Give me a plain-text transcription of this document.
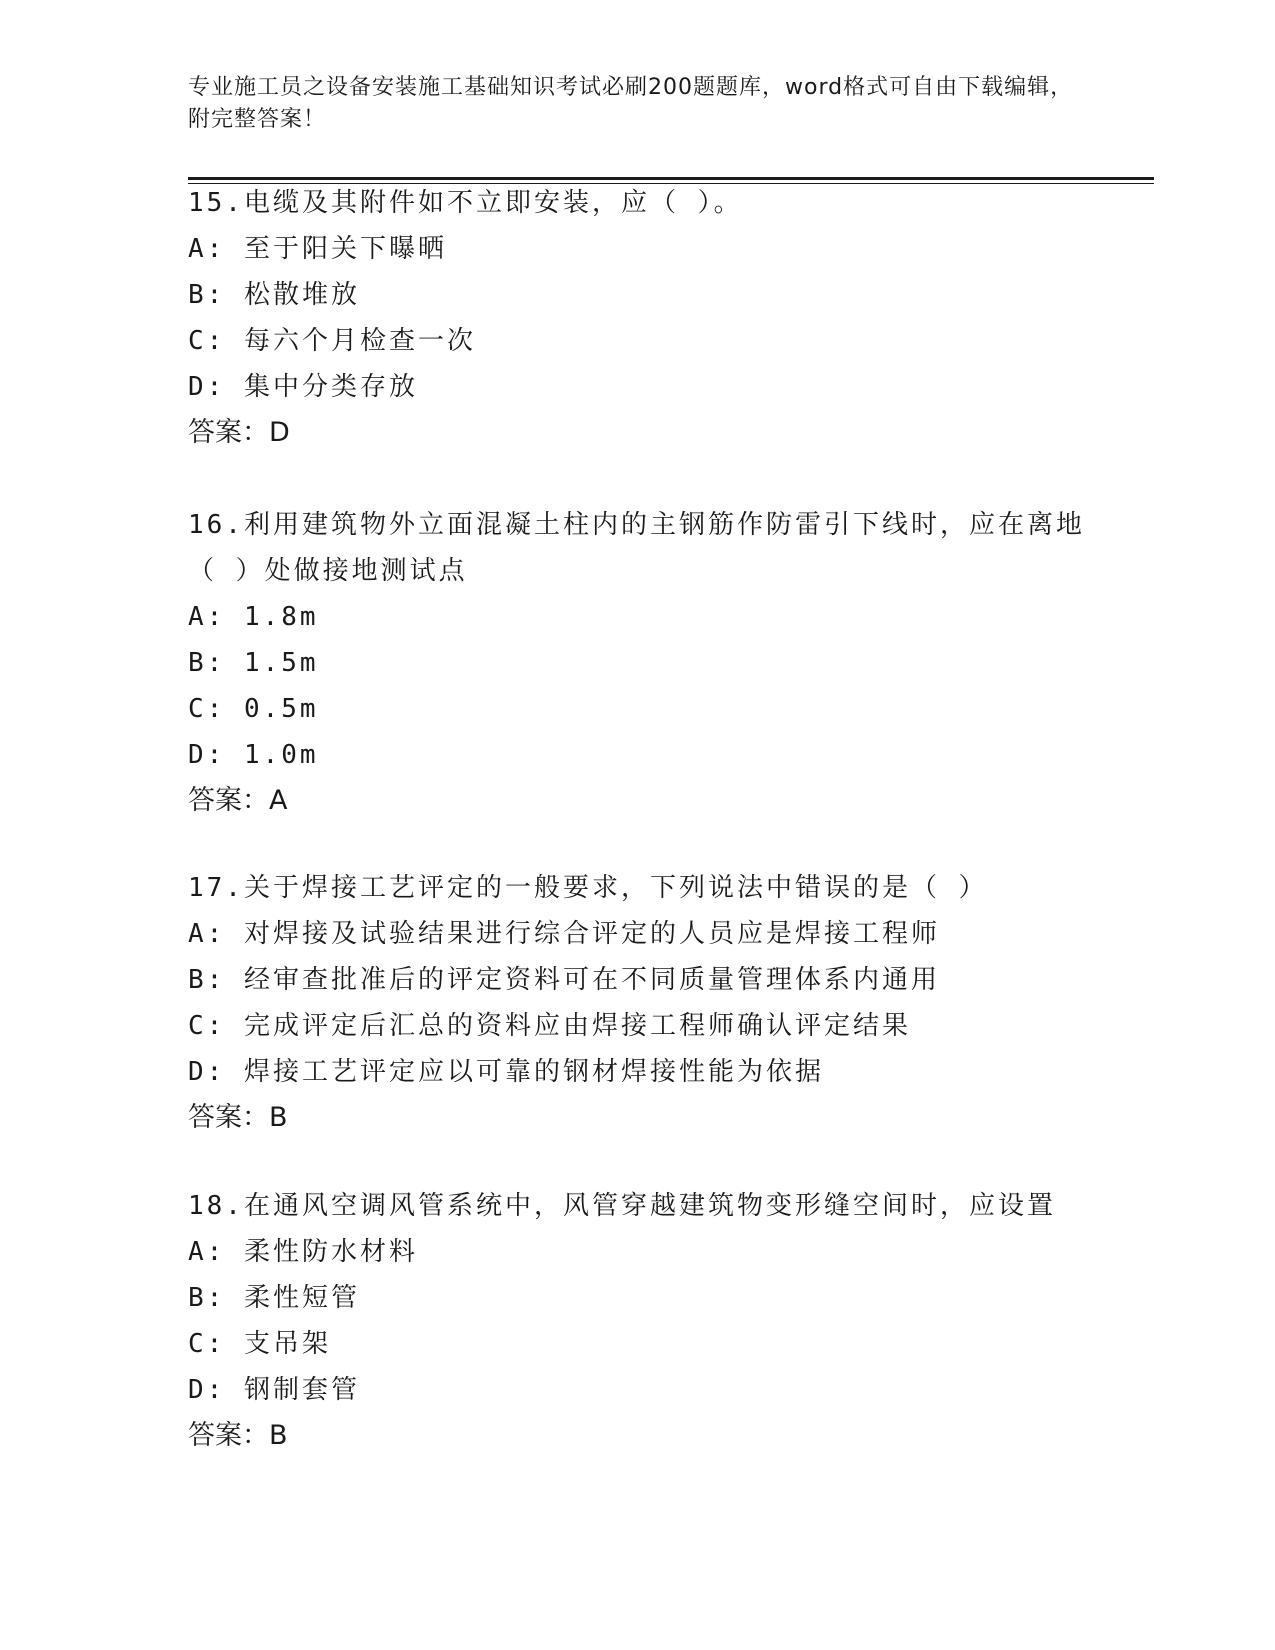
专业施工员之设备安装施工基础知识考试必刷200题题库，word格式可自由下载编辑，附完整答案！

15.电缆及其附件如不立即安装，应（ ）。

A: 至于阳关下曝晒

B: 松散堆放

C: 每六个月检查一次

D: 集中分类存放

答案：D

16.利用建筑物外立面混凝土柱内的主钢筋作防雷引下线时，应在离地（ ）处做接地测试点

A: 1.8m

B: 1.5m

C: 0.5m

D: 1.0m

答案：A

17.关于焊接工艺评定的一般要求，下列说法中错误的是（ ）

A: 对焊接及试验结果进行综合评定的人员应是焊接工程师

B: 经审查批准后的评定资料可在不同质量管理体系内通用

C: 完成评定后汇总的资料应由焊接工程师确认评定结果

D: 焊接工艺评定应以可靠的钢材焊接性能为依据

答案：B

18.在通风空调风管系统中，风管穿越建筑物变形缝空间时，应设置

A: 柔性防水材料

B: 柔性短管

C: 支吊架

D: 钢制套管

答案：B
